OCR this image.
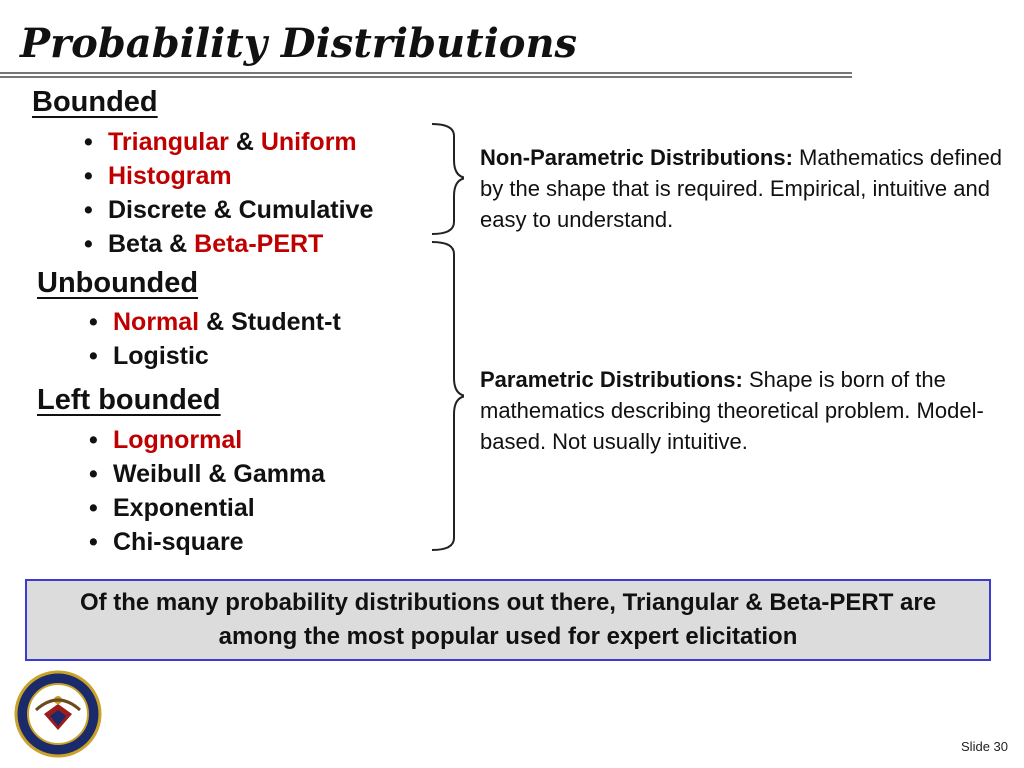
Probability Distributions
Bounded
• Triangular & Uniform
• Histogram
• Discrete & Cumulative
• Beta & Beta-PERT
Unbounded
• Normal & Student-t
• Logistic
Left bounded
• Lognormal
• Weibull & Gamma
• Exponential
• Chi-square
Non-Parametric Distributions: Mathematics defined by the shape that is required. Empirical, intuitive and easy to understand.
Parametric Distributions: Shape is born of the mathematics describing theoretical problem. Model-based. Not usually intuitive.
Of the many probability distributions out there, Triangular & Beta-PERT are among the most popular used for expert elicitation
Slide 30
